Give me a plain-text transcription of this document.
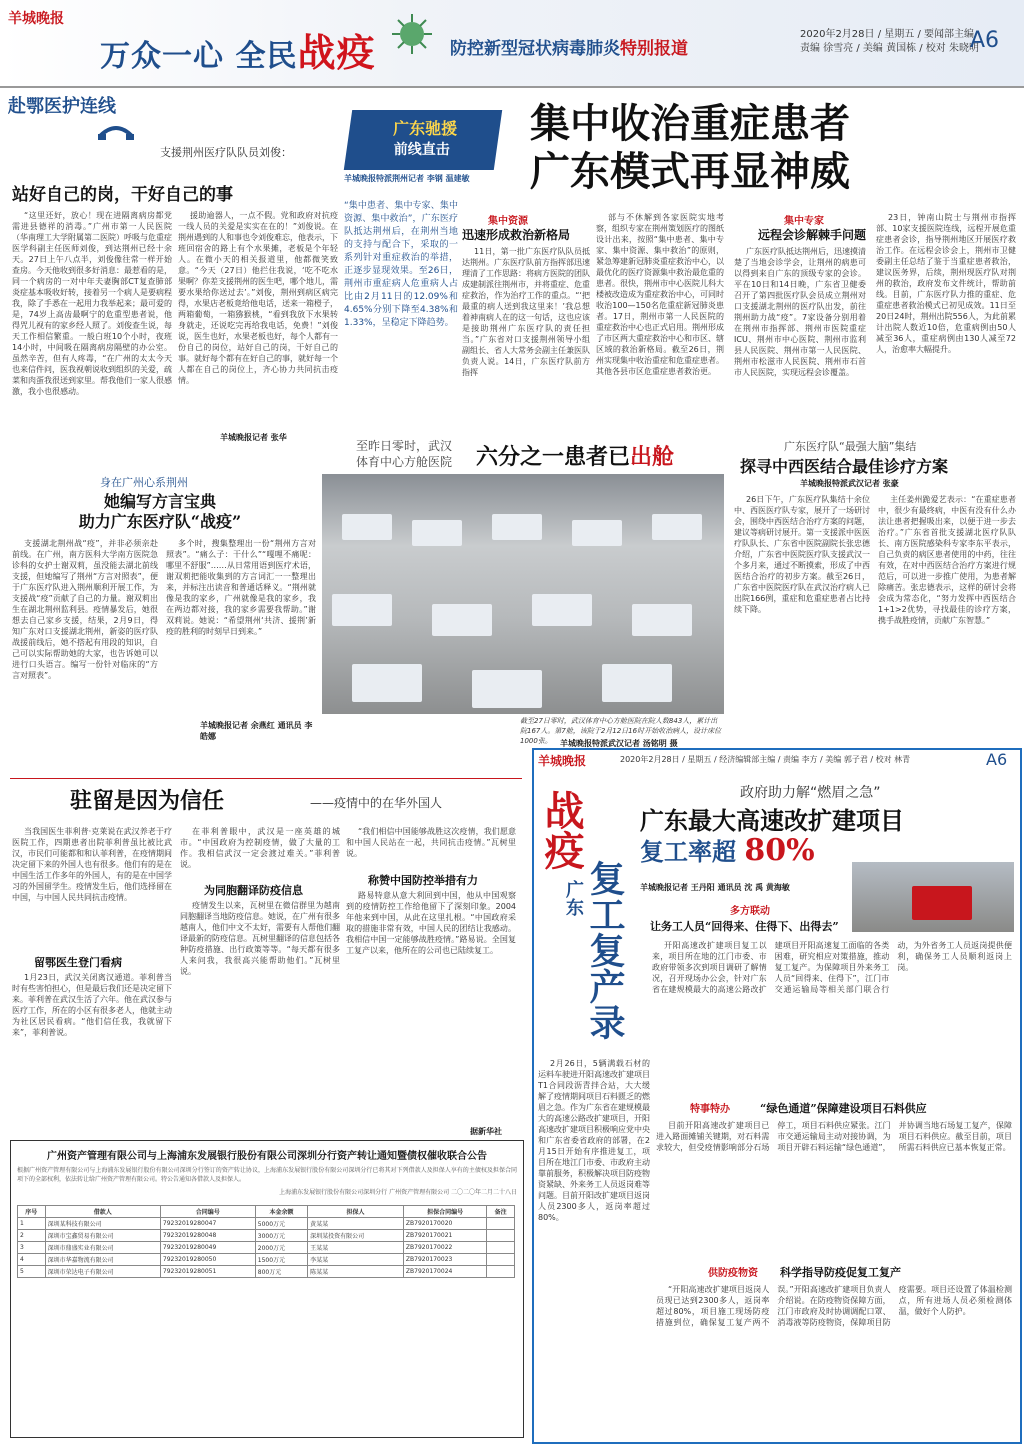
羊城晚报
万众一心 全民战疫	防控新型冠状病毒肺炎特别报道
2020年2月28日 / 星期五 / 要闻部主编
责编 徐雪亮 / 美编 黄国栋 / 校对 朱晓明
A6
广东驰援
前线直击
羊城晚报特派荆州记者 李钢 温建敏
集中收治重症患者
广东模式再显神威
赴鄂医护连线
支援荆州医疗队队员刘俊：
站好自己的岗，干好自己的事

“这里还好，放心！现在进隔离病房都党需进县德祥的消毒。”广州市第一人民医院（华南理工大学附属第二医院）呼吸与危重症医学科副主任医师刘俊，到达荆州已经十余天。27日上午八点半，刘俊像往常一样开始查房。今天他收到很多好消息：最惹看的是，同一个病房的一对中年夫妻胸部CT复查肺部炎症基本吸收好转，接着另一个病人是要病程我，除了手悉在一起用力我举起来；最可爱的是，74岁上高齿最啊宁的危重型患者说，他得咒儿视有的家乡经人照了。刘俊查生说，每天工作相信繁重。一般白班10个小时，夜班14小时，中间吸在隔离病房隔壁的办公室。虽然辛苦，但有人疼毒，“在广州的太太今天也来信件问，医我视朝说收到组织的关爱，疏菜和肉蛋我很送到家里。帮我他们一家人很感激，我小也很感动。

援助逾器人，一点不假。党和政府对抗疫一线人员的关爱是实实在在的！”刘俊说。在荆州遇到的人和事也令刘俊难忘，他表示，下班回宿舍的路上有个水果摊，老板是个年轻人。在微小天的相关报道里，他都微笑致意。“今天（27日）他拦住我说，‘吃不吃水果啊？你差支援荆州的医生吧，哪个地儿，需要水果给你送过去’。”刘俊，荆州到病区病完得，水果店老板竟给他电话，送来一箱橙子，两箱葡萄，一箱猕猴桃，“看到我放下水果转身就走，还说吃完再给我电话，免费！”刘俊说，医生也好，水果老板也好，每个人都有一份自己的岗位，站好自己的岗，干好自己的事。就好每个都有在好自己的事，就好每一个人都在自己的岗位上，齐心协力共同抗击疫情。

羊城晚报记者 张华
“集中患者、集中专家、集中资源、集中救治”，广东医疗队抵达荆州后，在荆州当地的支持与配合下，采取的一系列针对重症救治的举措，正逐步显现效果。至26日，荆州市重症病人危重病人占比由2月11日的12.09%和4.65%分别下降至4.38%和1.33%，呈稳定下降趋势。
集中资源
迅速形成救治新格局

11日，第一批广东医疗队队员抵达荆州。广东医疗队前方指挥部迅速理清了工作思路：将病方医院的团队成建制派往荆州市，并将重症、危重症救治，作为治疗工作的重点。“‘把最重的病人送到我这里来！’我总想着神南病人在的这一句话，这也应该是接助荆州广东医疗队的责任担当。”广东省对口支援荆州领导小组副组长、省人大常务会副主任兼医队负责人说。14日，广东医疗队前方指挥

部与不休解到各家医院实地考察，组织专家在荆州策划医疗的图纸设计出来，按照“集中患者、集中专家、集中资源、集中救治”的原则，紧急筹建新冠肺炎重症救治中心，以最优化的医疗资源集中救治最危重的患者。很快，荆州市中心医院儿科大楼被改造成为重症救治中心，可同时收治100—150名危重症新冠肺炎患者。17日，荆州市第一人民医院的重症救治中心也正式启用。荆州形成了市区两大重症救治中心和市区、辖区域的救治新格局。截至26日，荆州实现集中收治重症和危重症患者。其他各县市区危重症患者救治更。

集中专家
远程会诊解棘手问题

广东医疗队抵达荆州后，迅速摸清楚了当地会诊学会，让荆州的病患可以得到来自广东的顶级专家的会诊。平在10日和14日晚，广东省卫健委召开了第四批医疗队会员成立荆州对口支援湖北荆州的医疗队出发，前往荆州助力战“疫”。7家设备分别用着在荆州市指挥部、荆州市医院重症ICU、荆州市中心医院、荆州市监利县人民医院、荆州市第一人民医院、荆州市松滋市人民医院、荆州市石首市人民医院，实现远程会诊覆盖。

23日，钟南山院士与荆州市指挥部、10家支援医院连线，远程开展危重症患者会诊，指导荆州地区开展医疗救治工作。在远程会诊会上，荆州市卫健委副主任总结了鉴于当重症患者救治，建议医务界，后续，荆州现医疗队对荆州的救治，政府发布文件统计，帮助前线。目前，广东医疗队力推的重症、危重症患者救治模式已初见成效。11日至20日24时，荆州出院556人，为此前累计出院人数近10倍，危重病例由50人减至36人，重症病例由130人减至72人，治愈率大幅提升。

至昨日零时，武汉
体育中心方舱医院	六分之一患者已出舱
截至27日零时，武汉体育中心方舱医院在院人数843人，累计出院167人。第7舱，该院于2月12日16时开始收治病人，设计床位1000张。	羊城晚报特派武汉记者 汤铭明 摄
身在广州心系荆州
她编写方言宝典
助力广东医疗队“战疫”

支援湖北荆州战“疫”，并非必须亲赴前线。在广州，南方医科大学南方医院急诊科的女护士谢双莉，虽没能去湖北前线支援，但她编写了荆州“方言对照表”，便于广东医疗队进入荆州顺利开展工作，为支援战“疫”贡献了自己的力量。谢双莉出生在湖北荆州监利县。疫情暴发后，她很想去自己家乡支援，结果，2月9日，得知广东对口支援湖北荆州，新姿的医疗队战援前线后，她不搭起有用段的知识，自己可以实际帮助她的大家，也告诉她可以进行口头语言。编写一份针对临床的“方言对照表”。

多个时，搜集整理出一份“荆州方言对照表”。“痛么子：干什么”“嘎哩不痛呢：哪里不舒服”……从日常用语到医疗术语，谢双莉把能收集到的方言词汇一一整理出来，并标注出读音和普通话释义。“荆州就像是我的家乡，广州就像是我的家乡，我在两边都对接，我的家乡需要我帮助。”谢双莉说。她说：“希望荆州‘共济、援荆’新疫的胜利的时刻早日到来。”

羊城晚报记者 余燕红 通讯员 李皓娜
广东医疗队“最强大脑”集结
探寻中西医结合最佳诊疗方案
羊城晚报特派武汉记者 张豪

26日下午，广东医疗队集结十余位中、西医医疗队专家，展开了一场研讨会，围绕中西医结合治疗方案的问题，建议等病研讨展开。第一支援派中医医疗队队长、广东省中医院副院长张忠德介绍，广东省中医院医疗队支援武汉一个多月来，通过不断摸索，形成了中西医结合治疗的初步方案。截至26日，广东省中医院医疗队在武汉治疗病人已出院166例，重症和危重症患者占比持续下降。

主任姜州跪爱艺表示：“在重症患者中，很少有最终病，中医有没有什么办法让患者把握吸出来，以便于进一步去治疗。”广东省首批支援湖北医疗队队长、南方医院感染科专家李东平表示，自己负责的病区患者使用的中药，往往有效，在对中西医结合治疗方案进行规范后，可以进一步推广使用，为患者解除痛苦。张忠德表示，这样的研讨会将会成为常态化，“努力发挥中西医结合1+1>2优势，寻找最佳的诊疗方案，携手战胜疫情，贡献广东智慧。”

驻留是因为信任	——疫情中的在华外国人

当我国医生菲利普·克莱说在武汉养老于疗医院工作，四期患者出院菲利普虽比被比武汉，市民们可能都和和认菲利普，在疫情期间决定留下来的外国人也有很多。他们有的是在中国生活工作多年的外国人，有的是在中国学习的外国留学生。疫情发生后，他们选择留在中国，与中国人民共同抗击疫情。

留鄂医生登门看病

1月23日，武汉关闭离汉通道。菲利普当时有些害怕担心，但是最后我们还是决定留下来。菲利普在武汉生活了六年。他在武汉参与医疗工作，所在的小区有很多老人，他就主动为社区居民看病。“他们信任我，我就留下来”，菲利普说。

在菲利普眼中，武汉是一座英雄的城市。“中国政府为控制疫情，做了大量的工作。我相信武汉一定会渡过难关。”菲利普说。

为同胞翻译防疫信息

疫情发生以来，瓦树里在微信群里为越南同胞翻译当地防疫信息。她说，在广州有很多越南人，他们中文不太好，需要有人帮他们翻译最新的防疫信息。瓦树里翻译的信息包括各种防疫措施、出行政策等等。“每天都有很多人来问我，我很高兴能帮助他们。”瓦树里说。

“我们相信中国能够战胜这次疫情，我们愿意和中国人民站在一起，共同抗击疫情。”瓦树里说。

称赞中国防控举措有力

路易特意从意大利回到中国，他从中国观察到的疫情防控工作给他留下了深刻印象。2004年他来到中国，从此在这里扎根。“中国政府采取的措施非常有效，中国人民的团结让我感动。我相信中国一定能够战胜疫情。”路易说。全国复工复产以来，他所在的公司也已陆续复工。

据新华社
广州资产管理有限公司与上海浦东发展银行股份有限公司深圳分行资产转让通知暨债权催收联合公告
根据广州资产管理有限公司与上海浦东发展银行股份有限公司深圳分行签订的资产转让协议，上海浦东发展银行股份有限公司深圳分行已将其对下列借款人及担保人享有的主债权及担保合同项下的全部权利，依法转让给广州资产管理有限公司。特公告通知各借款人及担保人。
上海浦东发展银行股份有限公司深圳分行 广州资产管理有限公司 二〇二〇年二月二十八日
序号	借款人	合同编号	本金余额	担保人	担保合同编号	备注
1	深圳某科技有限公司	79232019280047	5000万元	黄某某	ZB7920170020	
2	深圳市宝鑫贸易有限公司	79232019280048	3000万元	深圳某投资有限公司	ZB7920170021	
3	深圳市鼎盛实业有限公司	79232019280049	2000万元	王某某	ZB7920170022	
4	深圳市华嘉物流有限公司	79232019280050	1500万元	李某某	ZB7920170023	
5	深圳市荣达电子有限公司	79232019280051	800万元	陈某某	ZB7920170024	
羊城晚报	2020年2月28日 / 星期五 / 经济编辑部主编 / 责编 李方 / 美编 郭子君 / 校对 林青	A6
战疫
广东 复工复产录
政府助力解“燃眉之急”
广东最大高速改扩建项目
复工率超 80%
羊城晚报记者 王丹阳 通讯员 沈 禹 黄海敏
多方联动
让务工人员“回得来、住得下、出得去”

开阳高速改扩建项目复工以来，项目所在地的江门市委、市政府带领多次到项目调研了解情况，召开现场办公会，针对广东省在建规模最大的高速公路改扩建项目开阳高速复工面临的各类困难，研究相应对策措施，推动复工复产。为保障项目外来务工人员“回得来、住得下”，江门市交通运输局等相关部门联合行动，为外省务工人员返岗提供便利，确保务工人员顺利返岗上岗。

2月26日，5辆满载石材的运料车驶进开阳高速改扩建项目T1合同段沥青拌合站，大大缓解了疫情期间项目石料匮乏的燃眉之急。作为广东省在建规模最大的高速公路改扩建项目，开阳高速改扩建项目积极响应党中央和广东省委省政府的部署，在2月15日开始有序推进复工，项目所在地江门市委、市政府主动靠前服务，积极解决项目防疫物资紧缺、外来务工人员返岗难等问题。目前开阳改扩建项目返岗人员2300多人，返岗率超过80%。

特事特办	“绿色通道”保障建设项目石料供应

目前开阳高速改扩建项目已进入路面摊铺关键期，对石料需求较大，但受疫情影响部分石场停工，项目石料供应紧张。江门市交通运输局主动对接协调，为项目开辟石料运输“绿色通道”，并协调当地石场复工复产，保障项目石料供应。截至目前，项目所需石料供应已基本恢复正常。

供防疫物资 科学指导防疫促复工复产

“开阳高速改扩建项目返岗人员现已达到2300多人，返岗率超过80%，项目施工现场防疫措施到位，确保复工复产两不误。”开阳高速改扩建项目负责人介绍说。在防疫物资保障方面，江门市政府及时协调调配口罩、消毒液等防疫物资，保障项目防疫需要。项目还设置了体温检测点，所有进场人员必须检测体温，做好个人防护。
